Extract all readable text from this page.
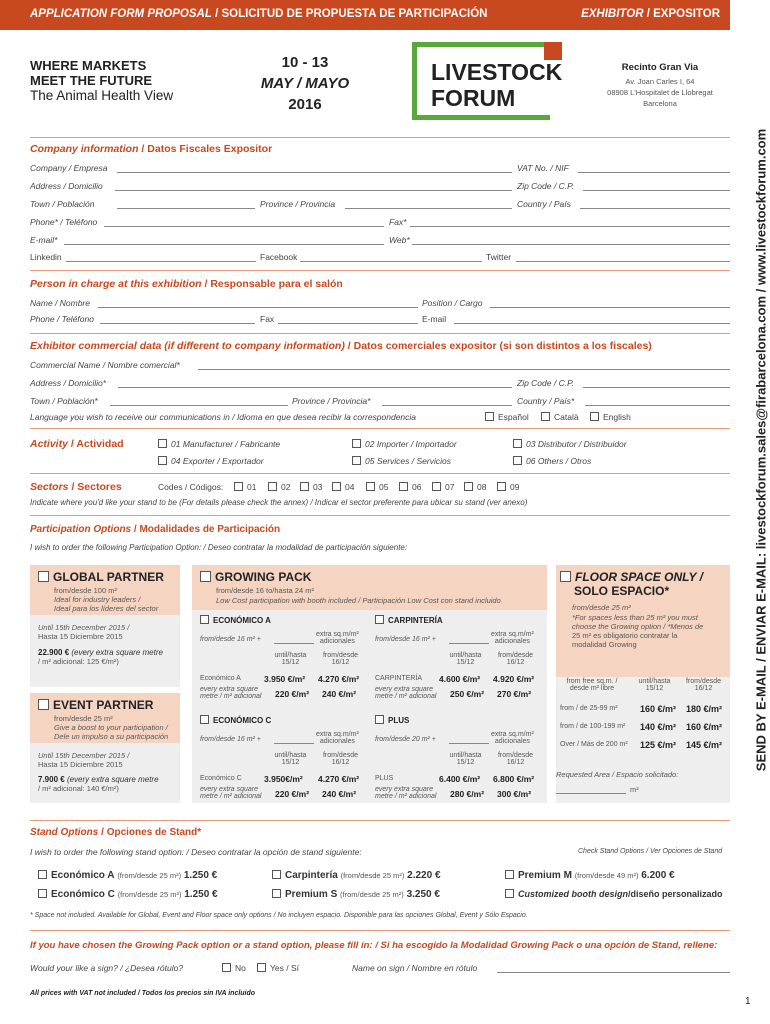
APPLICATION FORM PROPOSAL / SOLICITUD DE PROPUESTA DE PARTICIPACIÓN	EXHIBITOR / EXPOSITOR
WHERE MARKETS
MEET THE FUTURE
The Animal Health View
10 - 13
MAY / MAYO
2016
LIVESTOCK
FORUM
Recinto Gran Via
Av. Joan Carles I, 64
08908 L'Hospitalet de Llobregat
Barcelona
SEND BY E-MAIL / ENVIAR E-MAIL: livestockforum.sales@firabarcelona.com / www.livestockforum.com
Company information / Datos Fiscales Expositor
Company / Empresa	VAT No. / NIF
Address / Domicilio	Zip Code / C.P.
Town / Población	Province / Provincia	Country / País
Phone* / Teléfono	Fax*
E-mail*	Web*
Linkedin	Facebook	Twitter
Person in charge at this exhibition / Responsable para el salón
Name / Nombre	Position / Cargo
Phone / Teléfono	Fax	E-mail
Exhibitor commercial data (if different to company information) / Datos comerciales expositor (si son distintos a los fiscales)
Commercial Name / Nombre comercial*
Address / Domicilio*	Zip Code / C.P.
Town / Población*	Province / Provincia*	Country / País*
Language you wish to receive our communications in / Idioma en que desea recibir la correspondencia	Español	Català	English
Activity / Actividad	01 Manufacturer / Fabricante	02 Importer / Importador	03 Distributor / Distribuidor
04 Exporter / Exportador	05 Services / Servicios	06 Others / Otros
Sectors / Sectores	Codes / Códigos:	01	02	03	04	05	06	07	08	09
Indicate where you'd like your stand to be (For details please check the annex) / Indicar el sector preferente para ubicar su stand (ver anexo)
Participation Options / Modalidades de Participación
I wish to order the following Participation Option: / Deseo contratar la modalidad de participación siguiente:
GLOBAL PARTNER
from/desde 100 m²
Ideal for industry leaders /
Ideal para los líderes del sector
Until 15th December 2015 /
Hasta 15 Diciembre 2015
22.900 € (every extra square metre
/ m² adicional: 125 €/m²)
EVENT PARTNER
from/desde 25 m²
Give a boost to your participation /
Dele un impulso a su participación
Until 15th December 2015 /
Hasta 15 Diciembre 2015
7.900 € (every extra square metre
/ m² adicional: 140 €/m²)
GROWING PACK
from/desde 16 to/hasta 24 m²
Low Cost participation with booth included / Participación Low Cost con stand incluido
ECONÓMICO A
from/desde 16 m² +
extra sq.m/m²
adicionales
until/hasta
15/12
from/desde
16/12
Económico A	3.950 €/m² 4.270 €/m²
every extra square
metre / m² adicional 220 €/m² 240 €/m²
CARPINTERÍA
from/desde 16 m² +
extra sq.m/m²
adicionales
until/hasta
15/12
from/desde
16/12
CARPINTERÍA 4.600 €/m² 4.920 €/m²
every extra square
metre / m² adicional 250 €/m² 270 €/m²
ECONÓMICO C
from/desde 16 m² +
extra sq.m/m²
adicionales
until/hasta
15/12
from/desde
16/12
Económico C	3.950€/m² 4.270 €/m²
every extra square
metre / m² adicional 220 €/m² 240 €/m²
PLUS
from/desde 20 m² +
extra sq.m/m²
adicionales
until/hasta
15/12
from/desde
16/12
PLUS	6.400 €/m² 6.800 €/m²
every extra square
metre / m² adicional 280 €/m² 300 €/m²
FLOOR SPACE ONLY /
SOLO ESPACIO*
from/desde 25 m²
*For spaces less than 25 m² you must
choose the Growing option / *Menos de
25 m² es obligatorio contratar la
modalidad Growing
from free sq.m. /
desde m² libre
until/hasta
15/12
from/desde
16/12
from / de 25-99 m² 160 €/m² 180 €/m²
from / de 100-199 m² 140 €/m² 160 €/m²
Over / Más de 200 m² 125 €/m² 145 €/m²
Requested Area / Espacio solicitado:
m²
Stand Options / Opciones de Stand*
I wish to order the following stand option: / Deseo contratar la opción de stand siguiente:	Check Stand Options / Ver Opciones de Stand
Económico A (from/desde 25 m²) 1.250 €	Carpintería (from/desde 25 m²) 2.220 €	Premium M (from/desde 49 m²) 6.200 €
Económico C (from/desde 25 m²) 1.250 €	Premium S (from/desde 25 m²) 3.250 €	Customized booth design/diseño personalizado
* Space not included. Available for Global, Event and Floor space only options / No incluyen espacio. Disponible para las opciones Global, Event y Sólo Espacio.
If you have chosen the Growing Pack option or a stand option, please fill in: / Si ha escogido la Modalidad Growing Pack o una opción de Stand, rellene:
Would your like a sign? / ¿Desea rótulo?	No	Yes / Sí	Name on sign / Nombre en rótulo
All prices with VAT not included / Todos los precios sin IVA incluido
1
